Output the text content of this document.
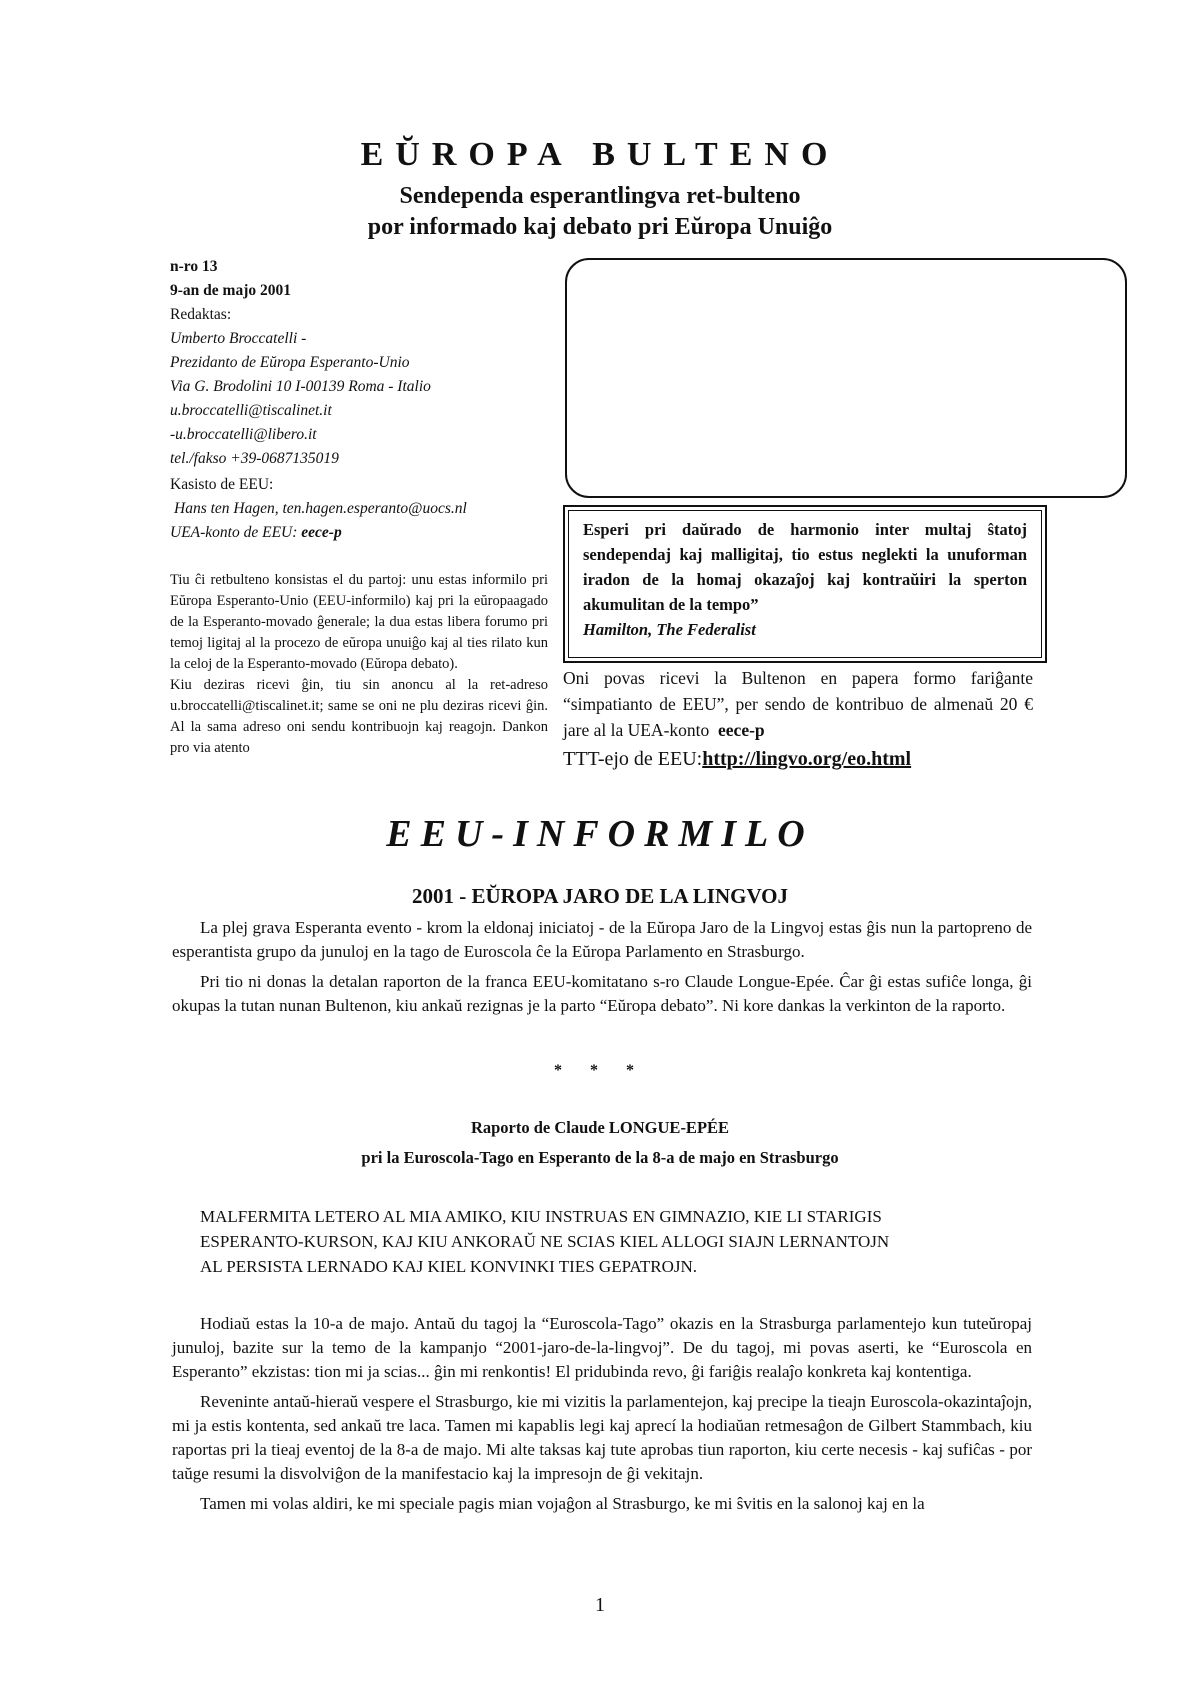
EŬROPA BULTENO
Sendependa esperantlingva ret-bulteno
por informado kaj debato pri Eŭropa Unuiĝo
n-ro 13
9-an de majo 2001
Redaktas:
Umberto Broccatelli -
Prezidanto de Eŭropa Esperanto-Unio
Via G. Brodolini 10 I-00139 Roma - Italio
u.broccatelli@tiscalinet.it
-u.broccatelli@libero.it
tel./fakso +39-0687135019
Kasisto de EEU:
Hans ten Hagen, ten.hagen.esperanto@uocs.nl
UEA-konto de EEU: eece-p
Tiu ĉi retbulteno konsistas el du partoj: unu estas informilo pri Eŭropa Esperanto-Unio (EEU-informilo) kaj pri la eŭropaagado de la Esperanto-movado ĝenerale; la dua estas libera forumo pri temoj ligitaj al la procezo de eŭropa unuiĝo kaj al ties rilato kun la celoj de la Esperanto-movado (Eŭropa debato).
Kiu deziras ricevi ĝin, tiu sin anoncu al la ret-adreso u.broccatelli@tiscalinet.it; same se oni ne plu deziras ricevi ĝin. Al la sama adreso oni sendu kontribuojn kaj reagojn. Dankon pro via atento
Esperi pri daŭrado de harmonio inter multaj ŝtatoj sendependaj kaj malligitaj, tio estus neglekti la unuforman iradon de la homaj okazaĵoj kaj kontraŭiri la sperton akumulitan de la tempo”
Hamilton, The Federalist
Oni povas ricevi la Bultenon en papera formo fariĝante “simpatianto de EEU”, per sendo de kontribuo de almenaŭ 20 € jare al la UEA-konto eece-p
TTT-ejo de EEU:http://lingvo.org/eo.html
EEU-INFORMILO
2001 - EŬROPA JARO DE LA LINGVOJ

La plej grava Esperanta evento - krom la eldonaj iniciatoj - de la Eŭropa Jaro de la Lingvoj estas ĝis nun la partopreno de esperantista grupo da junuloj en la tago de Euroscola ĉe la Eŭropa Parlamento en Strasburgo.

Pri tio ni donas la detalan raporton de la franca EEU-komitatano s-ro Claude Longue-Epée. Ĉar ĝi estas sufiĉe longa, ĝi okupas la tutan nunan Bultenon, kiu ankaŭ rezignas je la parto “Eŭropa debato”. Ni kore dankas la verkinton de la raporto.

* * *
Raporto de Claude LONGUE-EPÉE
pri la Euroscola-Tago en Esperanto de la 8-a de majo en Strasburgo
MALFERMITA LETERO AL MIA AMIKO, KIU INSTRUAS EN GIMNAZIO, KIE LI STARIGIS
ESPERANTO-KURSON, KAJ KIU ANKORAŬ NE SCIAS KIEL ALLOGI SIAJN LERNANTOJN
AL PERSISTA LERNADO KAJ KIEL KONVINKI TIES GEPATROJN.

Hodiaŭ estas la 10-a de majo. Antaŭ du tagoj la “Euroscola-Tago” okazis en la Strasburga parlamentejo kun tuteŭropaj junuloj, bazite sur la temo de la kampanjo “2001-jaro-de-la-lingvoj”. De du tagoj, mi povas aserti, ke “Euroscola en Esperanto” ekzistas: tion mi ja scias... ĝin mi renkontis! El pridubinda revo, ĝi fariĝis realaĵo konkreta kaj kontentiga.

Reveninte antaŭ-hieraŭ vespere el Strasburgo, kie mi vizitis la parlamentejon, kaj precipe la tieajn Euroscola-okazintaĵojn, mi ja estis kontenta, sed ankaŭ tre laca. Tamen mi kapablis legi kaj aprecí la hodiaŭan retmesaĝon de Gilbert Stammbach, kiu raportas pri la tieaj eventoj de la 8-a de majo. Mi alte taksas kaj tute aprobas tiun raporton, kiu certe necesis - kaj sufiĉas - por taŭge resumi la disvolviĝon de la manifestacio kaj la impresojn de ĝi vekitajn.

Tamen mi volas aldiri, ke mi speciale pagis mian vojaĝon al Strasburgo, ke mi ŝvitis en la salonoj kaj en la

1
